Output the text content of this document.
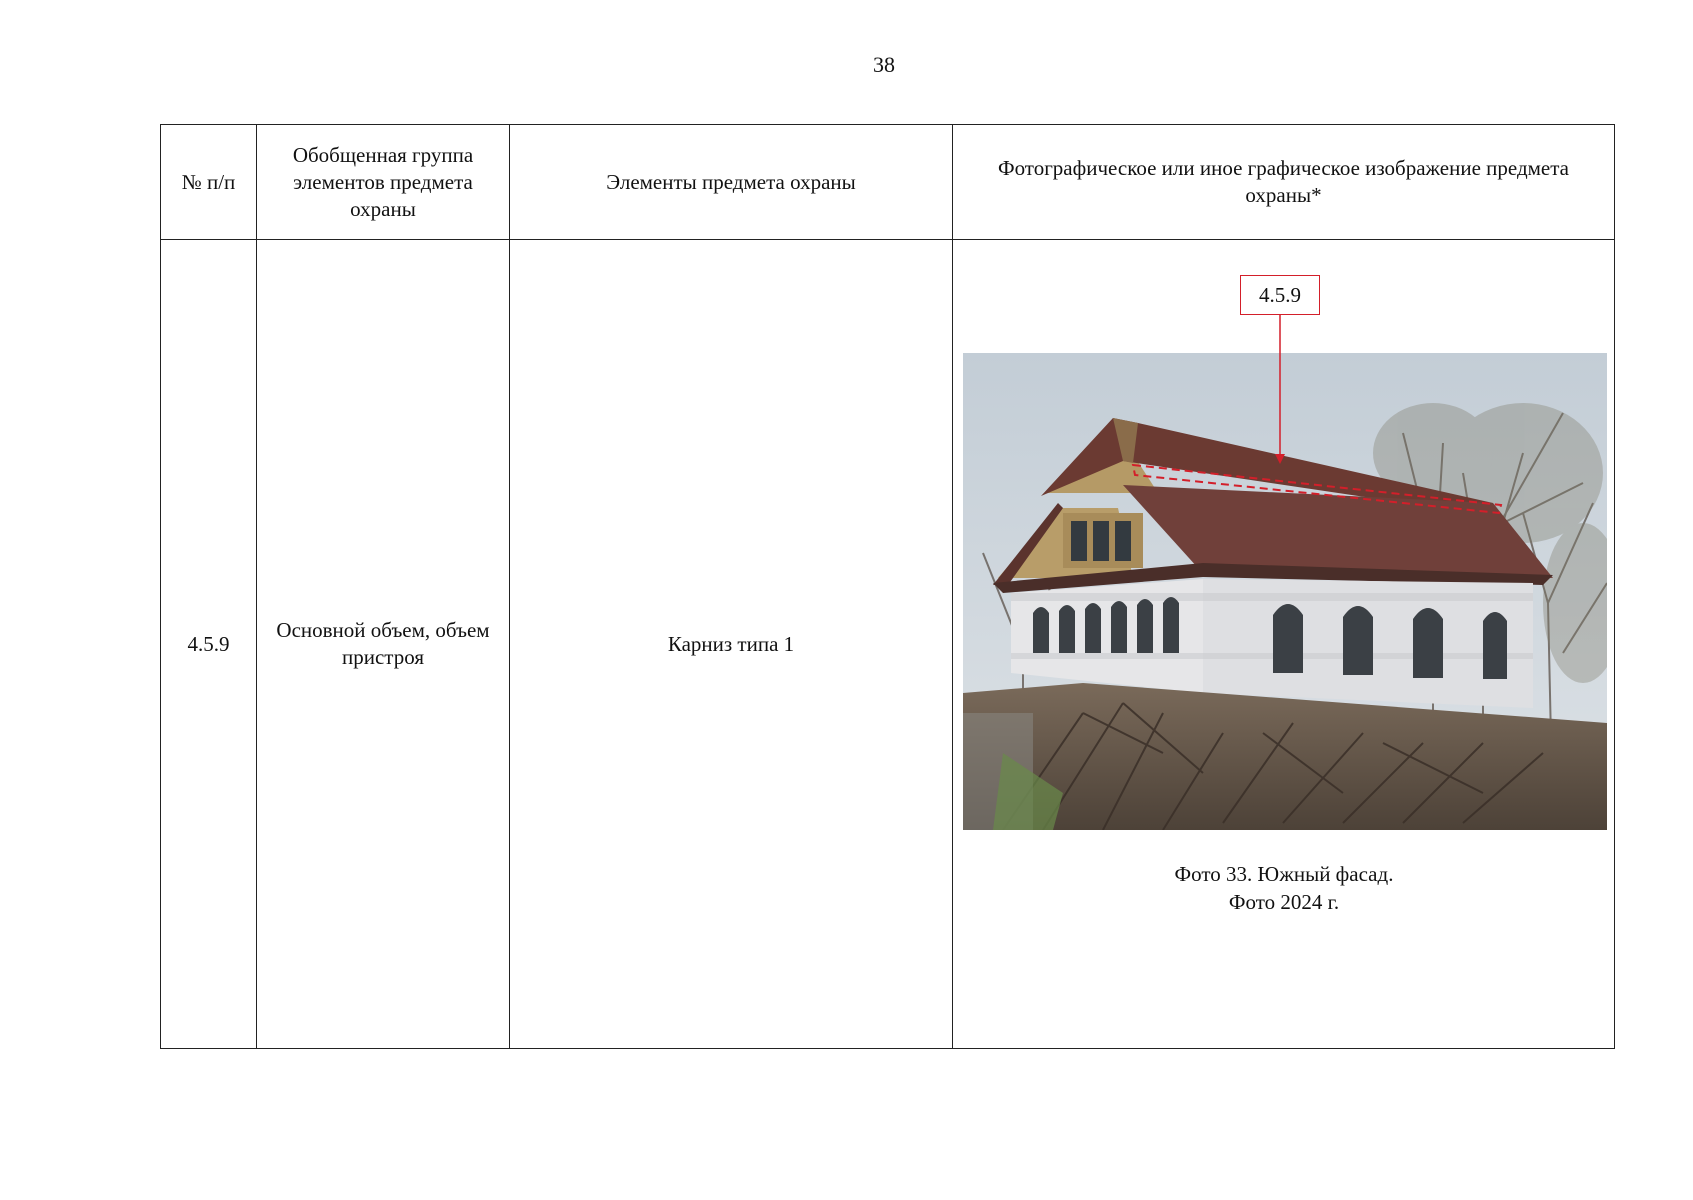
38
№ п/п	Обобщенная группа элементов предмета охраны	Элементы предмета охраны	Фотографическое или иное графическое изображение предмета охраны*
4.5.9	Основной объем, объем пристроя	Карниз типа 1	4.5.9
Фото 33. Южный фасад.
Фото 2024 г.
